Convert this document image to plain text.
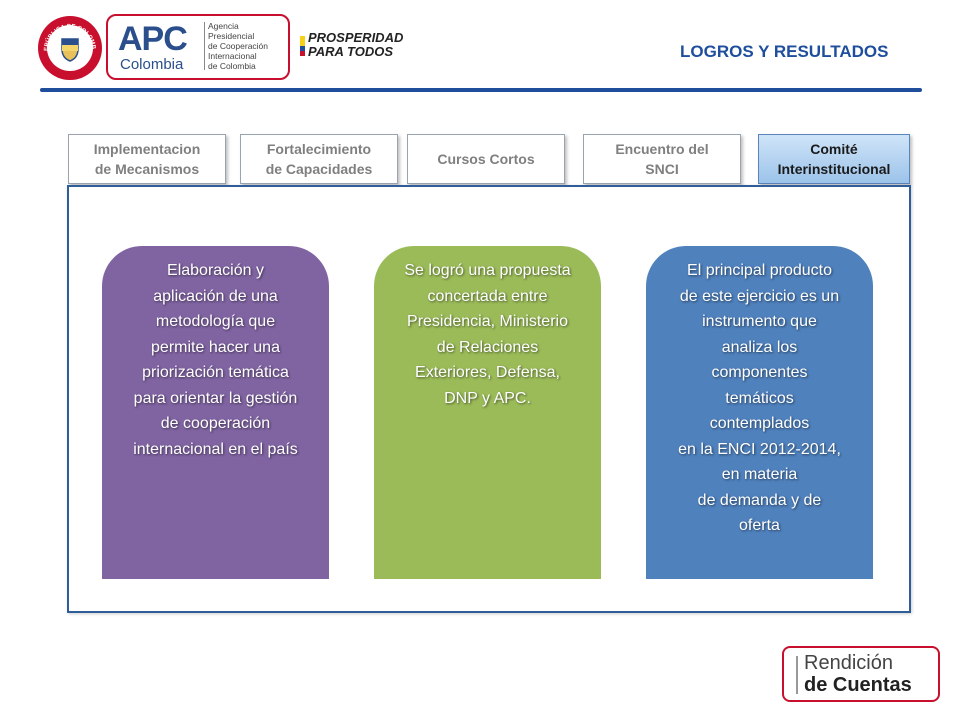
EPÚBLICA DE COLOMB APC
Colombia
Agencia
Presidencial
de Cooperación
Internacional
de Colombia
PROSPERIDAD
PARA TODOS	LOGROS Y RESULTADOS
Implementacion
de Mecanismos
Fortalecimiento
de Capacidades
Cursos Cortos
Encuentro del
SNCI
Comité
Interinstitucional
Elaboración y
aplicación de una
metodología que
permite hacer una
priorización temática
para orientar la gestión
de cooperación
internacional en el país
Se logró una propuesta
concertada entre
Presidencia, Ministerio
de Relaciones
Exteriores, Defensa,
DNP y APC.
El principal producto
de este ejercicio es un
instrumento que
analiza los
componentes
temáticos
contemplados
en la ENCI 2012-2014,
en materia
de demanda y de
oferta
Rendición
de Cuentas
